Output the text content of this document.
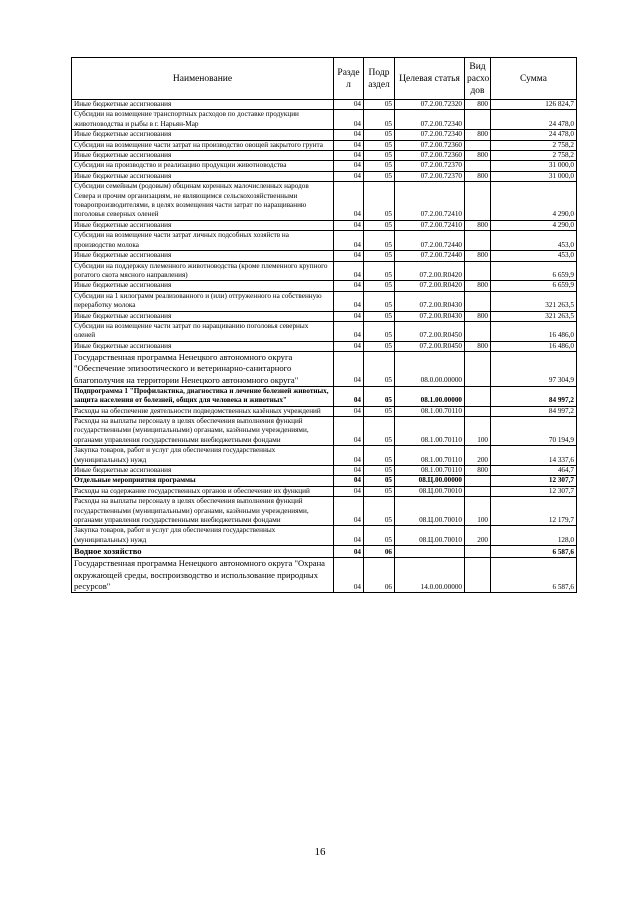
Наименование	Разде л	Подр аздел	Целевая статья	Вид расхо дов	Сумма
Иные бюджетные ассигнования	04	05	07.2.00.72320	800	126 824,7
Субсидии на возмещение транспортных расходов по доставке продукции животноводства и рыбы в г. Нарьян-Мар	04	05	07.2.00.72340		24 478,0
Иные бюджетные ассигнования	04	05	07.2.00.72340	800	24 478,0
Субсидии на возмещение части затрат на производство овощей закрытого грунта	04	05	07.2.00.72360		2 758,2
Иные бюджетные ассигнования	04	05	07.2.00.72360	800	2 758,2
Субсидии на производство и реализацию продукции животноводства	04	05	07.2.00.72370		31 000,0
Иные бюджетные ассигнования	04	05	07.2.00.72370	800	31 000,0
Субсидии семейным (родовым) общинам коренных малочисленных народов Севера и прочим организациям, не являющимся сельскохозяйственными товаропроизводителями, в целях возмещения части затрат по наращиванию поголовья северных оленей	04	05	07.2.00.72410		4 290,0
Иные бюджетные ассигнования	04	05	07.2.00.72410	800	4 290,0
Субсидии на возмещение части затрат личных подсобных хозяйств на производство молока	04	05	07.2.00.72440		453,0
Иные бюджетные ассигнования	04	05	07.2.00.72440	800	453,0
Субсидии на поддержку племенного животноводства (кроме племенного крупного рогатого скота мясного направления)	04	05	07.2.00.R0420		6 659,9
Иные бюджетные ассигнования	04	05	07.2.00.R0420	800	6 659,9
Субсидии на 1 килограмм реализованного и (или) отгруженного на собственную переработку молока	04	05	07.2.00.R0430		321 263,5
Иные бюджетные ассигнования	04	05	07.2.00.R0430	800	321 263,5
Субсидии на возмещение части затрат по наращиванию поголовья северных оленей	04	05	07.2.00.R0450		16 486,0
Иные бюджетные ассигнования	04	05	07.2.00.R0450	800	16 486,0
Государственная программа Ненецкого автономного округа "Обеспечение эпизоотического и ветеринарно-санитарного благополучия на территории Ненецкого автономного округа"	04	05	08.0.00.00000		97 304,9
Подпрограмма 1 "Профилактика, диагностика и лечение болезней животных, защита населения от болезней, общих для человека и животных"	04	05	08.1.00.00000		84 997,2
Расходы на обеспечение деятельности подведомственных казённых учреждений	04	05	08.1.00.70110		84 997,2
Расходы на выплаты персоналу в целях обеспечения выполнения функций государственными (муниципальными) органами, казёнными учреждениями, органами управления государственными внебюджетными фондами	04	05	08.1.00.70110	100	70 194,9
Закупка товаров, работ и услуг для обеспечения государственных (муниципальных) нужд	04	05	08.1.00.70110	200	14 337,6
Иные бюджетные ассигнования	04	05	08.1.00.70110	800	464,7
Отдельные мероприятия программы	04	05	08.Ц.00.00000		12 307,7
Расходы на содержание государственных органов и обеспечение их функций	04	05	08.Ц.00.70010		12 307,7
Расходы на выплаты персоналу в целях обеспечения выполнения функций государственными (муниципальными) органами, казёнными учреждениями, органами управления государственными внебюджетными фондами	04	05	08.Ц.00.70010	100	12 179,7
Закупка товаров, работ и услуг для обеспечения государственных (муниципальных) нужд	04	05	08.Ц.00.70010	200	128,0
Водное хозяйство	04	06			6 587,6
Государственная программа Ненецкого автономного округа "Охрана окружающей среды, воспроизводство и использование природных ресурсов"	04	06	14.0.00.00000		6 587,6
16
